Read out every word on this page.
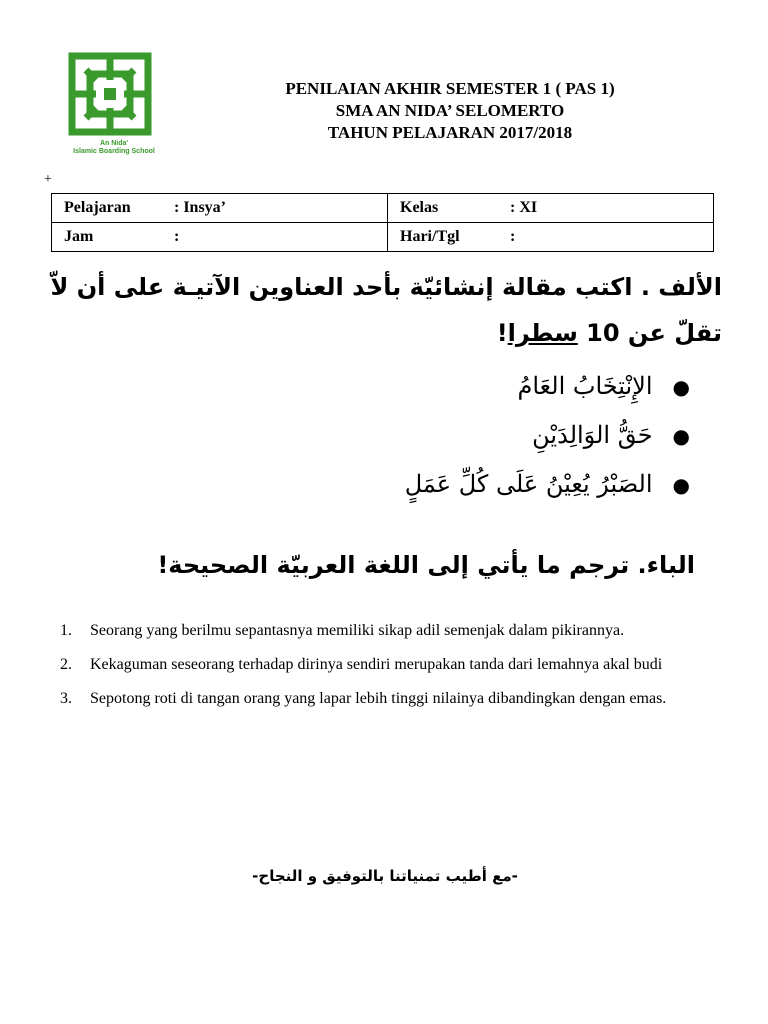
An Nida'
Islamic Boarding School
PENILAIAN AKHIR SEMESTER 1 ( PAS 1)
SMA AN NIDA’ SELOMERTO
TAHUN PELAJARAN 2017/2018
+
Pelajaran : Insya’	Kelas : XI
Jam :	Hari/Tgl :
الألف . اكتب مقالة إنشائيّة بأحد العناوين الآتيـة على أن لاّ تقلّ عن 10 سطرا!
●الإِنْتِخَابُ العَامُ
●حَقُّ الوَالِدَيْنِ
●الصَبْرُ يُعِيْنُ عَلَى كُلِّ عَمَلٍ
الباء. ترجم ما يأتي إلى اللغة العربيّة الصحيحة!
1.	Seorang yang berilmu sepantasnya memiliki sikap adil semenjak dalam pikirannya.
2.	Kekaguman seseorang terhadap dirinya sendiri merupakan tanda dari lemahnya akal budi
3.	Sepotong roti di tangan orang yang lapar lebih tinggi nilainya dibandingkan dengan emas.
-مع أطيب تمنياتنا بالتوفيق و النجاح-
